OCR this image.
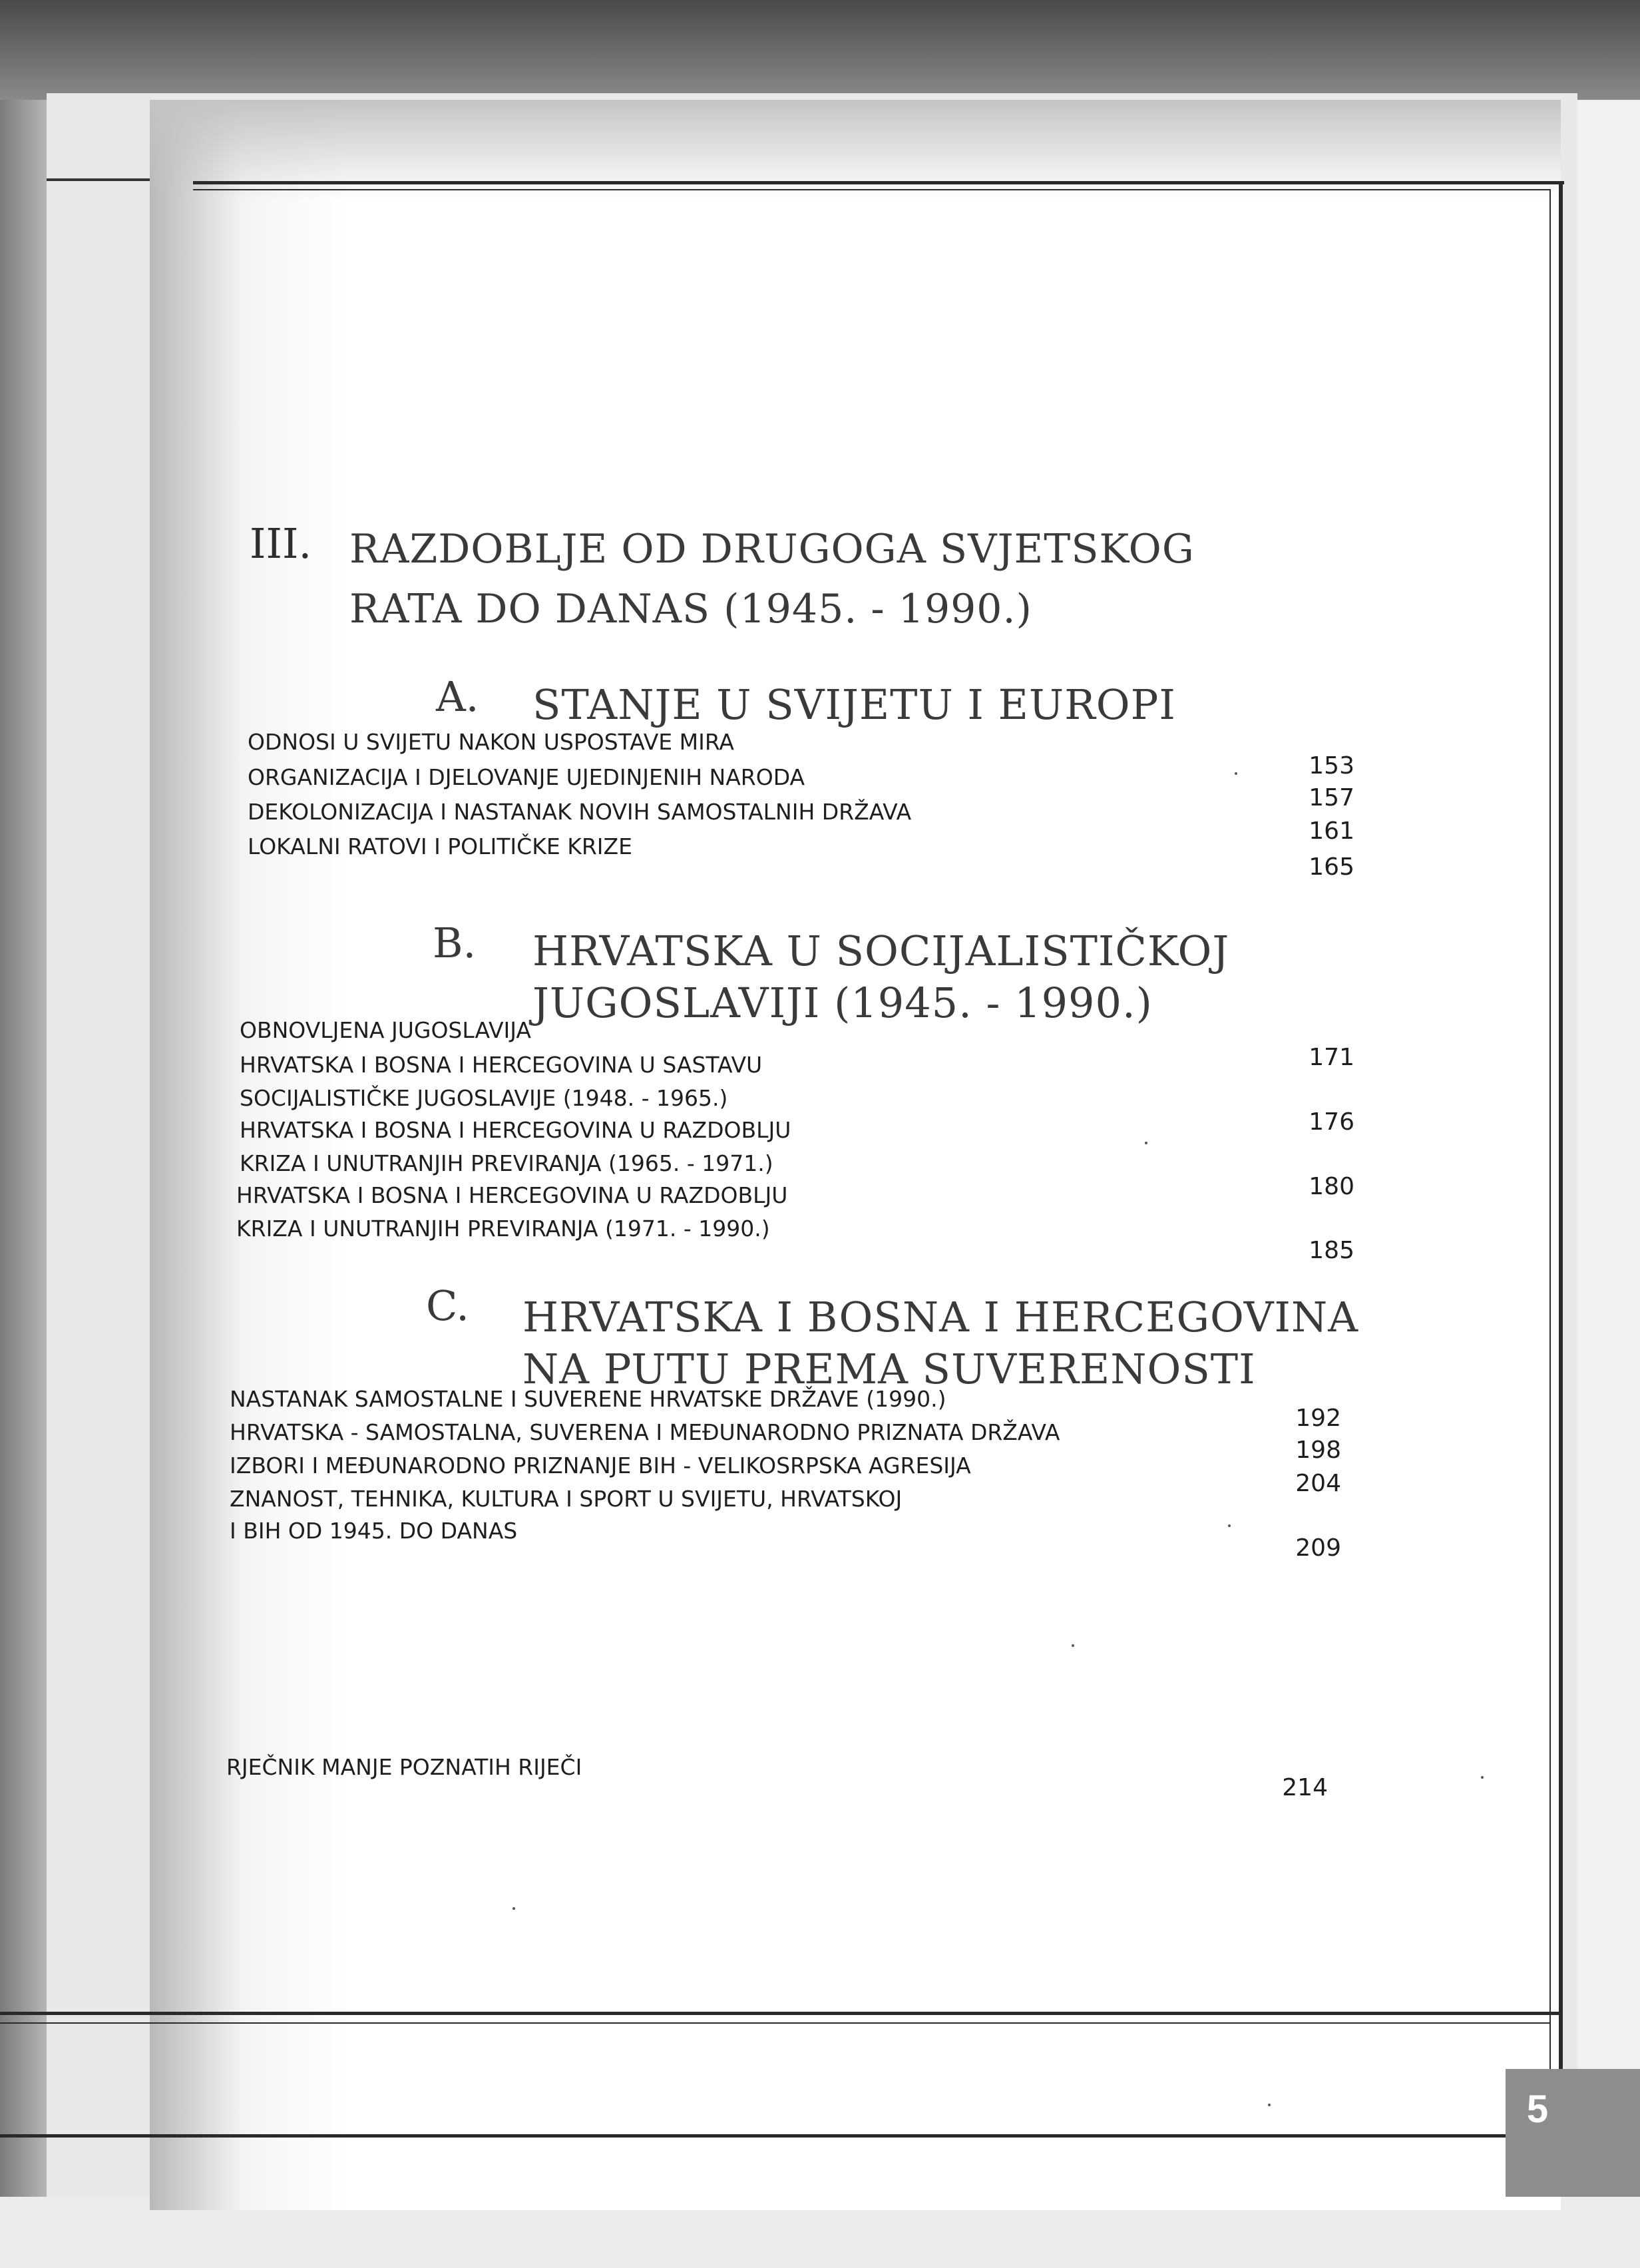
III. RAZDOBLJE OD DRUGOGA SVJETSKOG
RATA DO DANAS (1945. - 1990.)
A. STANJE U SVIJETU I EUROPI
ODNOSI U SVIJETU NAKON USPOSTAVE MIRA
ORGANIZACIJA I DJELOVANJE UJEDINJENIH NARODA
DEKOLONIZACIJA I NASTANAK NOVIH SAMOSTALNIH DRŽAVA
LOKALNI RATOVI I POLITIČKE KRIZE
153
157
161
165
B. HRVATSKA U SOCIJALISTIČKOJ
JUGOSLAVIJI (1945. - 1990.)
OBNOVLJENA JUGOSLAVIJA
HRVATSKA I BOSNA I HERCEGOVINA U SASTAVU
SOCIJALISTIČKE JUGOSLAVIJE (1948. - 1965.)
HRVATSKA I BOSNA I HERCEGOVINA U RAZDOBLJU
KRIZA I UNUTRANJIH PREVIRANJA (1965. - 1971.)
HRVATSKA I BOSNA I HERCEGOVINA U RAZDOBLJU
KRIZA I UNUTRANJIH PREVIRANJA (1971. - 1990.)
171
176
180
185
C. HRVATSKA I BOSNA I HERCEGOVINA
NA PUTU PREMA SUVERENOSTI
NASTANAK SAMOSTALNE I SUVERENE HRVATSKE DRŽAVE (1990.)
HRVATSKA - SAMOSTALNA, SUVERENA I MEĐUNARODNO PRIZNATA DRŽAVA
IZBORI I MEĐUNARODNO PRIZNANJE BIH - VELIKOSRPSKA AGRESIJA
ZNANOST, TEHNIKA, KULTURA I SPORT U SVIJETU, HRVATSKOJ
I BIH OD 1945. DO DANAS
192
198
204
209
RJEČNIK MANJE POZNATIH RIJEČI
214
5
